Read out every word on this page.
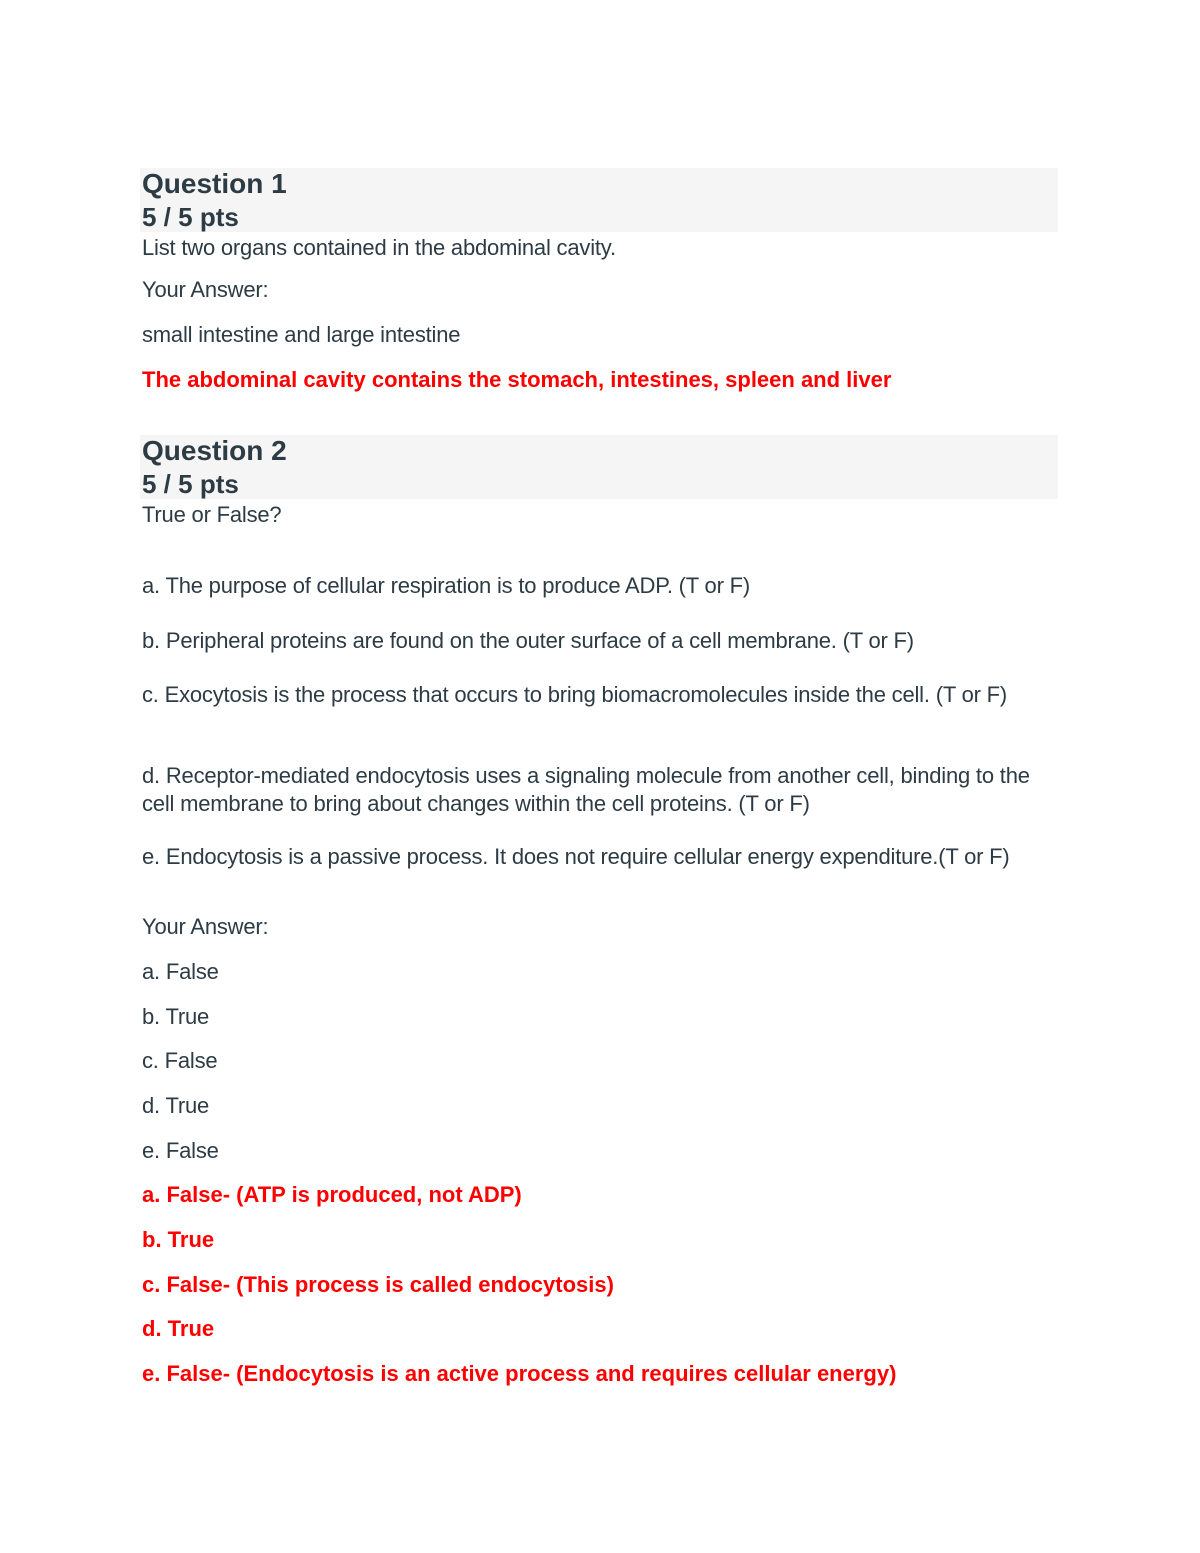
Question 1
5 / 5 pts
List two organs contained in the abdominal cavity.
Your Answer:
small intestine and large intestine
The abdominal cavity contains the stomach, intestines, spleen and liver
Question 2
5 / 5 pts
True or False?
a. The purpose of cellular respiration is to produce ADP. (T or F)
b. Peripheral proteins are found on the outer surface of a cell membrane. (T or F)
c. Exocytosis is the process that occurs to bring biomacromolecules inside the cell. (T or F)
d. Receptor-mediated endocytosis uses a signaling molecule from another cell, binding to the cell membrane to bring about changes within the cell proteins. (T or F)
e. Endocytosis is a passive process. It does not require cellular energy expenditure.(T or F)
Your Answer:
a. False
b. True
c. False
d. True
e. False
a. False- (ATP is produced, not ADP)
b. True
c. False- (This process is called endocytosis)
d. True
e. False- (Endocytosis is an active process and requires cellular energy)
